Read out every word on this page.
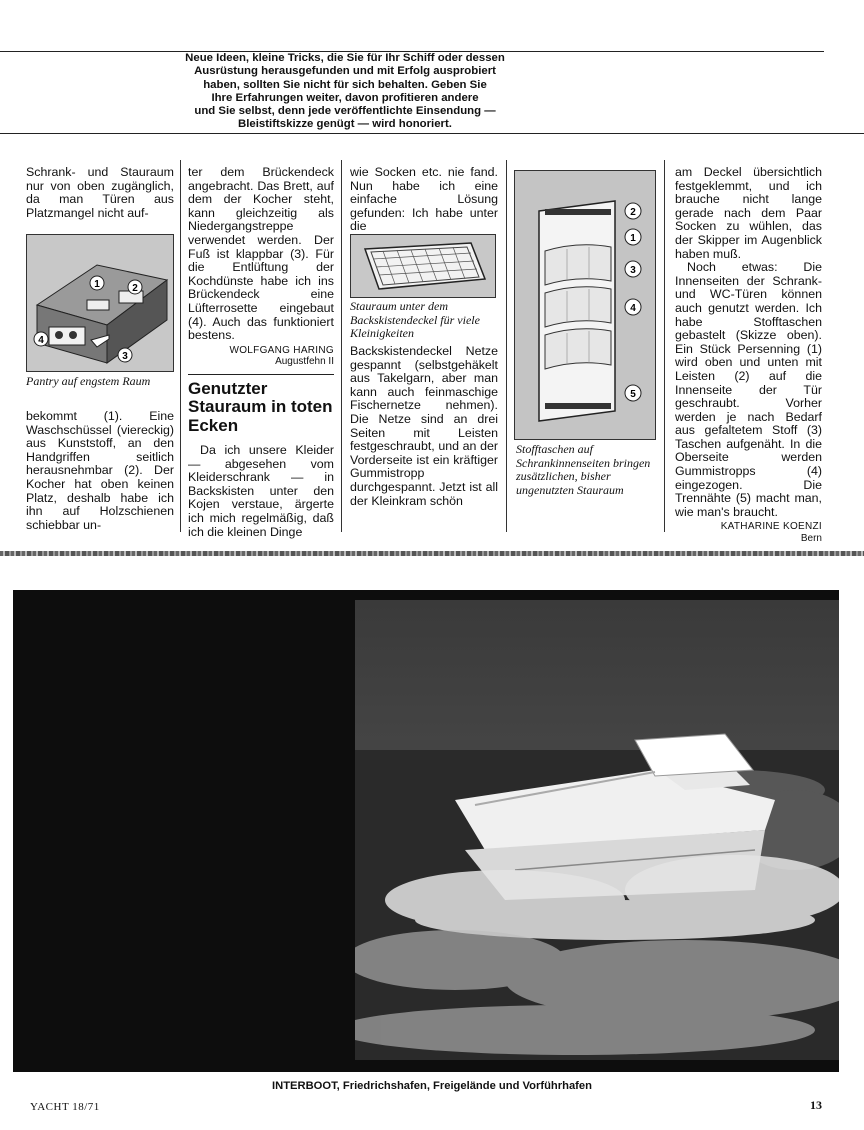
Neue Ideen, kleine Tricks, die Sie für Ihr Schiff oder dessen
Ausrüstung herausgefunden und mit Erfolg ausprobiert
haben, sollten Sie nicht für sich behalten. Geben Sie
Ihre Erfahrungen weiter, davon profitieren andere
und Sie selbst, denn jede veröffentlichte Einsendung —
Bleistiftskizze genügt — wird honoriert.

Schrank- und Stauraum nur von oben zugänglich, da man Türen aus Platzmangel nicht auf-

1	2
3
4
Pantry auf engstem Raum

bekommt (1). Eine Waschschüssel (viereckig) aus Kunststoff, an den Handgriffen seitlich herausnehmbar (2). Der Kocher hat oben keinen Platz, deshalb habe ich ihn auf Holzschienen schiebbar un-

ter dem Brückendeck angebracht. Das Brett, auf dem der Kocher steht, kann gleichzeitig als Niedergangstreppe verwendet werden. Der Fuß ist klappbar (3). Für die Entlüftung der Kochdünste habe ich ins Brückendeck eine Lüfterrosette eingebaut (4). Auch das funktioniert bestens.

WOLFGANG HARING
Augustfehn II
Genutzter Stauraum in toten Ecken

Da ich unsere Kleider — abgesehen vom Kleiderschrank — in Backskisten unter den Kojen verstaue, ärgerte ich mich regelmäßig, daß ich die kleinen Dinge

wie Socken etc. nie fand. Nun habe ich eine einfache Lösung gefunden: Ich habe unter die

Stauraum unter dem Backskistendeckel für viele Kleinigkeiten

Backskistendeckel Netze gespannt (selbstgehäkelt aus Takelgarn, aber man kann auch feinmaschige Fischernetze nehmen). Die Netze sind an drei Seiten mit Leisten festgeschraubt, und an der Vorderseite ist ein kräftiger Gummistropp durchgespannt. Jetzt ist all der Kleinkram schön

2
1
3
4
5
Stofftaschen auf Schrankinnenseiten bringen zusätzlichen, bisher ungenutzten Stauraum

am Deckel übersichtlich festgeklemmt, und ich brauche nicht lange gerade nach dem Paar Socken zu wühlen, das der Skipper im Augenblick haben muß.

Noch etwas: Die Innenseiten der Schrank- und WC-Türen können auch genutzt werden. Ich habe Stofftaschen gebastelt (Skizze oben). Ein Stück Persenning (1) wird oben und unten mit Leisten (2) auf die Innenseite der Tür geschraubt. Vorher werden je nach Bedarf aus gefaltetem Stoff (3) Taschen aufgenäht. In die Oberseite werden Gummistropps (4) eingezogen. Die Trennähte (5) macht man, wie man's braucht.

KATHARINE KOENZI
Bern
INTERBOOT, Friedrichshafen, Freigelände und Vorführhafen
YACHT 18/71	13
